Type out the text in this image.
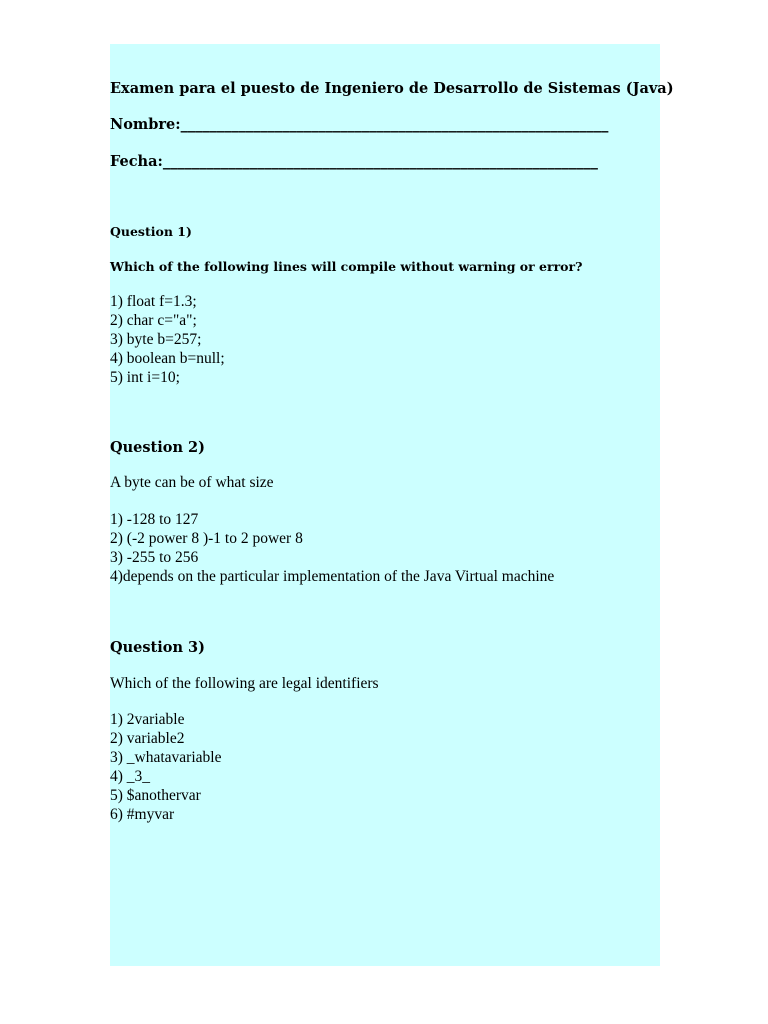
Examen para el puesto de Ingeniero de Desarrollo de Sistemas (Java)

Nombre:___________________________________________________________

Fecha:____________________________________________________________

Question 1)

Which of the following lines will compile without warning or error?

1) float f=1.3;
2) char c="a";
3) byte b=257;
4) boolean b=null;
5) int i=10;

Question 2)

A byte can be of what size

1) -128 to 127
2) (-2 power 8 )-1 to 2 power 8
3) -255 to 256
4)depends on the particular implementation of the Java Virtual machine

Question 3)

Which of the following are legal identifiers

1) 2variable
2) variable2
3) _whatavariable
4) _3_
5) $anothervar
6) #myvar
